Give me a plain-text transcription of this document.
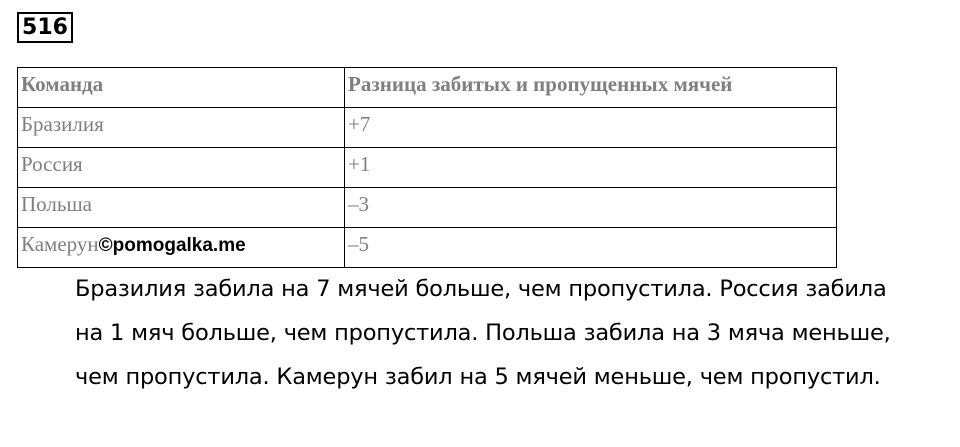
516
Команда	Разница забитых и пропущенных мячей
Бразилия	+7
Россия	+1
Польша	–3
Камерун©pomogalka.me	–5

Бразилия забила на 7 мячей больше, чем пропустила. Россия забила
на 1 мяч больше, чем пропустила. Польша забила на 3 мяча меньше,
чем пропустила. Камерун забил на 5 мячей меньше, чем пропустил.
